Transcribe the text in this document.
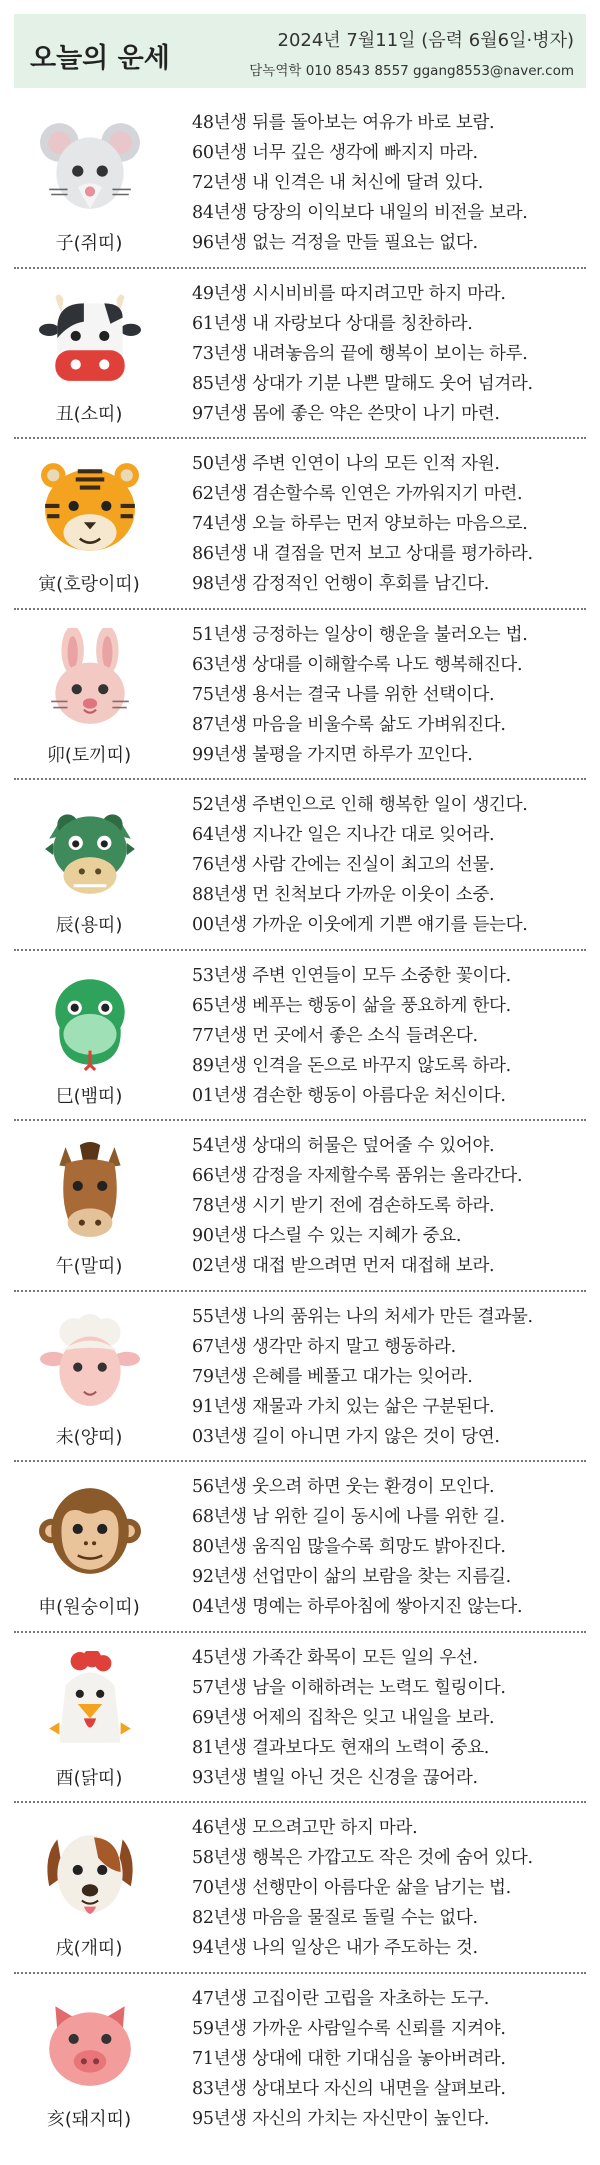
오늘의 운세
2024년 7월11일 (음력 6월6일·병자)
담녹역학 010 8543 8557 ggang8553@naver.com
子(쥐띠)
48년생 뒤를 돌아보는 여유가 바로 보람.
60년생 너무 깊은 생각에 빠지지 마라.
72년생 내 인격은 내 처신에 달려 있다.
84년생 당장의 이익보다 내일의 비전을 보라.
96년생 없는 걱정을 만들 필요는 없다.
丑(소띠)
49년생 시시비비를 따지려고만 하지 마라.
61년생 내 자랑보다 상대를 칭찬하라.
73년생 내려놓음의 끝에 행복이 보이는 하루.
85년생 상대가 기분 나쁜 말해도 웃어 넘겨라.
97년생 몸에 좋은 약은 쓴맛이 나기 마련.
寅(호랑이띠)
50년생 주변 인연이 나의 모든 인적 자원.
62년생 겸손할수록 인연은 가까워지기 마련.
74년생 오늘 하루는 먼저 양보하는 마음으로.
86년생 내 결점을 먼저 보고 상대를 평가하라.
98년생 감정적인 언행이 후회를 남긴다.
卯(토끼띠)
51년생 긍정하는 일상이 행운을 불러오는 법.
63년생 상대를 이해할수록 나도 행복해진다.
75년생 용서는 결국 나를 위한 선택이다.
87년생 마음을 비울수록 삶도 가벼워진다.
99년생 불평을 가지면 하루가 꼬인다.
辰(용띠)
52년생 주변인으로 인해 행복한 일이 생긴다.
64년생 지나간 일은 지나간 대로 잊어라.
76년생 사람 간에는 진실이 최고의 선물.
88년생 먼 친척보다 가까운 이웃이 소중.
00년생 가까운 이웃에게 기쁜 얘기를 듣는다.
巳(뱀띠)
53년생 주변 인연들이 모두 소중한 꽃이다.
65년생 베푸는 행동이 삶을 풍요하게 한다.
77년생 먼 곳에서 좋은 소식 들려온다.
89년생 인격을 돈으로 바꾸지 않도록 하라.
01년생 겸손한 행동이 아름다운 처신이다.
午(말띠)
54년생 상대의 허물은 덮어줄 수 있어야.
66년생 감정을 자제할수록 품위는 올라간다.
78년생 시기 받기 전에 겸손하도록 하라.
90년생 다스릴 수 있는 지혜가 중요.
02년생 대접 받으려면 먼저 대접해 보라.
未(양띠)
55년생 나의 품위는 나의 처세가 만든 결과물.
67년생 생각만 하지 말고 행동하라.
79년생 은혜를 베풀고 대가는 잊어라.
91년생 재물과 가치 있는 삶은 구분된다.
03년생 길이 아니면 가지 않은 것이 당연.
申(원숭이띠)
56년생 웃으려 하면 웃는 환경이 모인다.
68년생 남 위한 길이 동시에 나를 위한 길.
80년생 움직임 많을수록 희망도 밝아진다.
92년생 선업만이 삶의 보람을 찾는 지름길.
04년생 명예는 하루아침에 쌓아지진 않는다.
酉(닭띠)
45년생 가족간 화목이 모든 일의 우선.
57년생 남을 이해하려는 노력도 힐링이다.
69년생 어제의 집착은 잊고 내일을 보라.
81년생 결과보다도 현재의 노력이 중요.
93년생 별일 아닌 것은 신경을 끊어라.
戌(개띠)
46년생 모으려고만 하지 마라.
58년생 행복은 가깝고도 작은 것에 숨어 있다.
70년생 선행만이 아름다운 삶을 남기는 법.
82년생 마음을 물질로 돌릴 수는 없다.
94년생 나의 일상은 내가 주도하는 것.
亥(돼지띠)
47년생 고집이란 고립을 자초하는 도구.
59년생 가까운 사람일수록 신뢰를 지켜야.
71년생 상대에 대한 기대심을 놓아버려라.
83년생 상대보다 자신의 내면을 살펴보라.
95년생 자신의 가치는 자신만이 높인다.
